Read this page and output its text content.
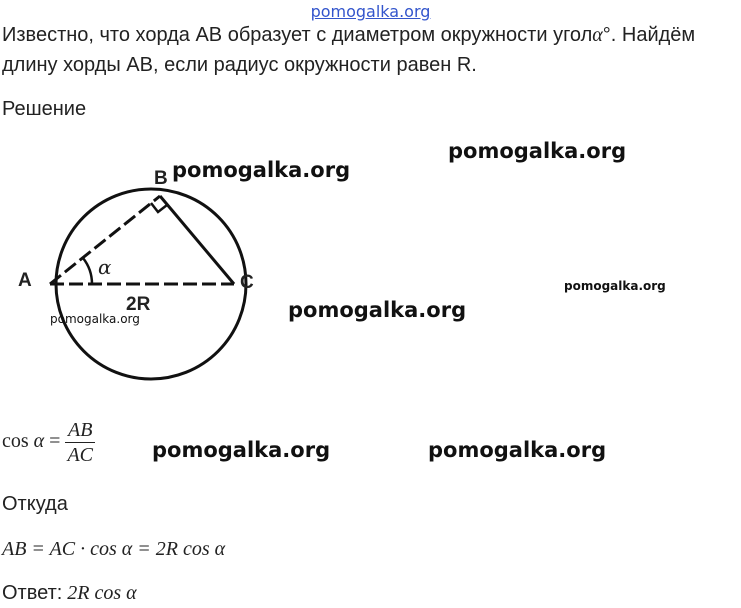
pomogalka.org
Известно, что хорда АВ образует с диаметром окружности уголα°. Найдём
длину хорды АВ, если радиус окружности равен R.
Решение
A
B
C
α
2R
pomogalka.org
pomogalka.org
pomogalka.org
pomogalka.org
pomogalka.org
pomogalka.org	pomogalka.org
$\cos \alpha = \frac{AB}{AC}$
Откуда
AB = AC · cos α = 2R cos α
Ответ: 2R cos α
